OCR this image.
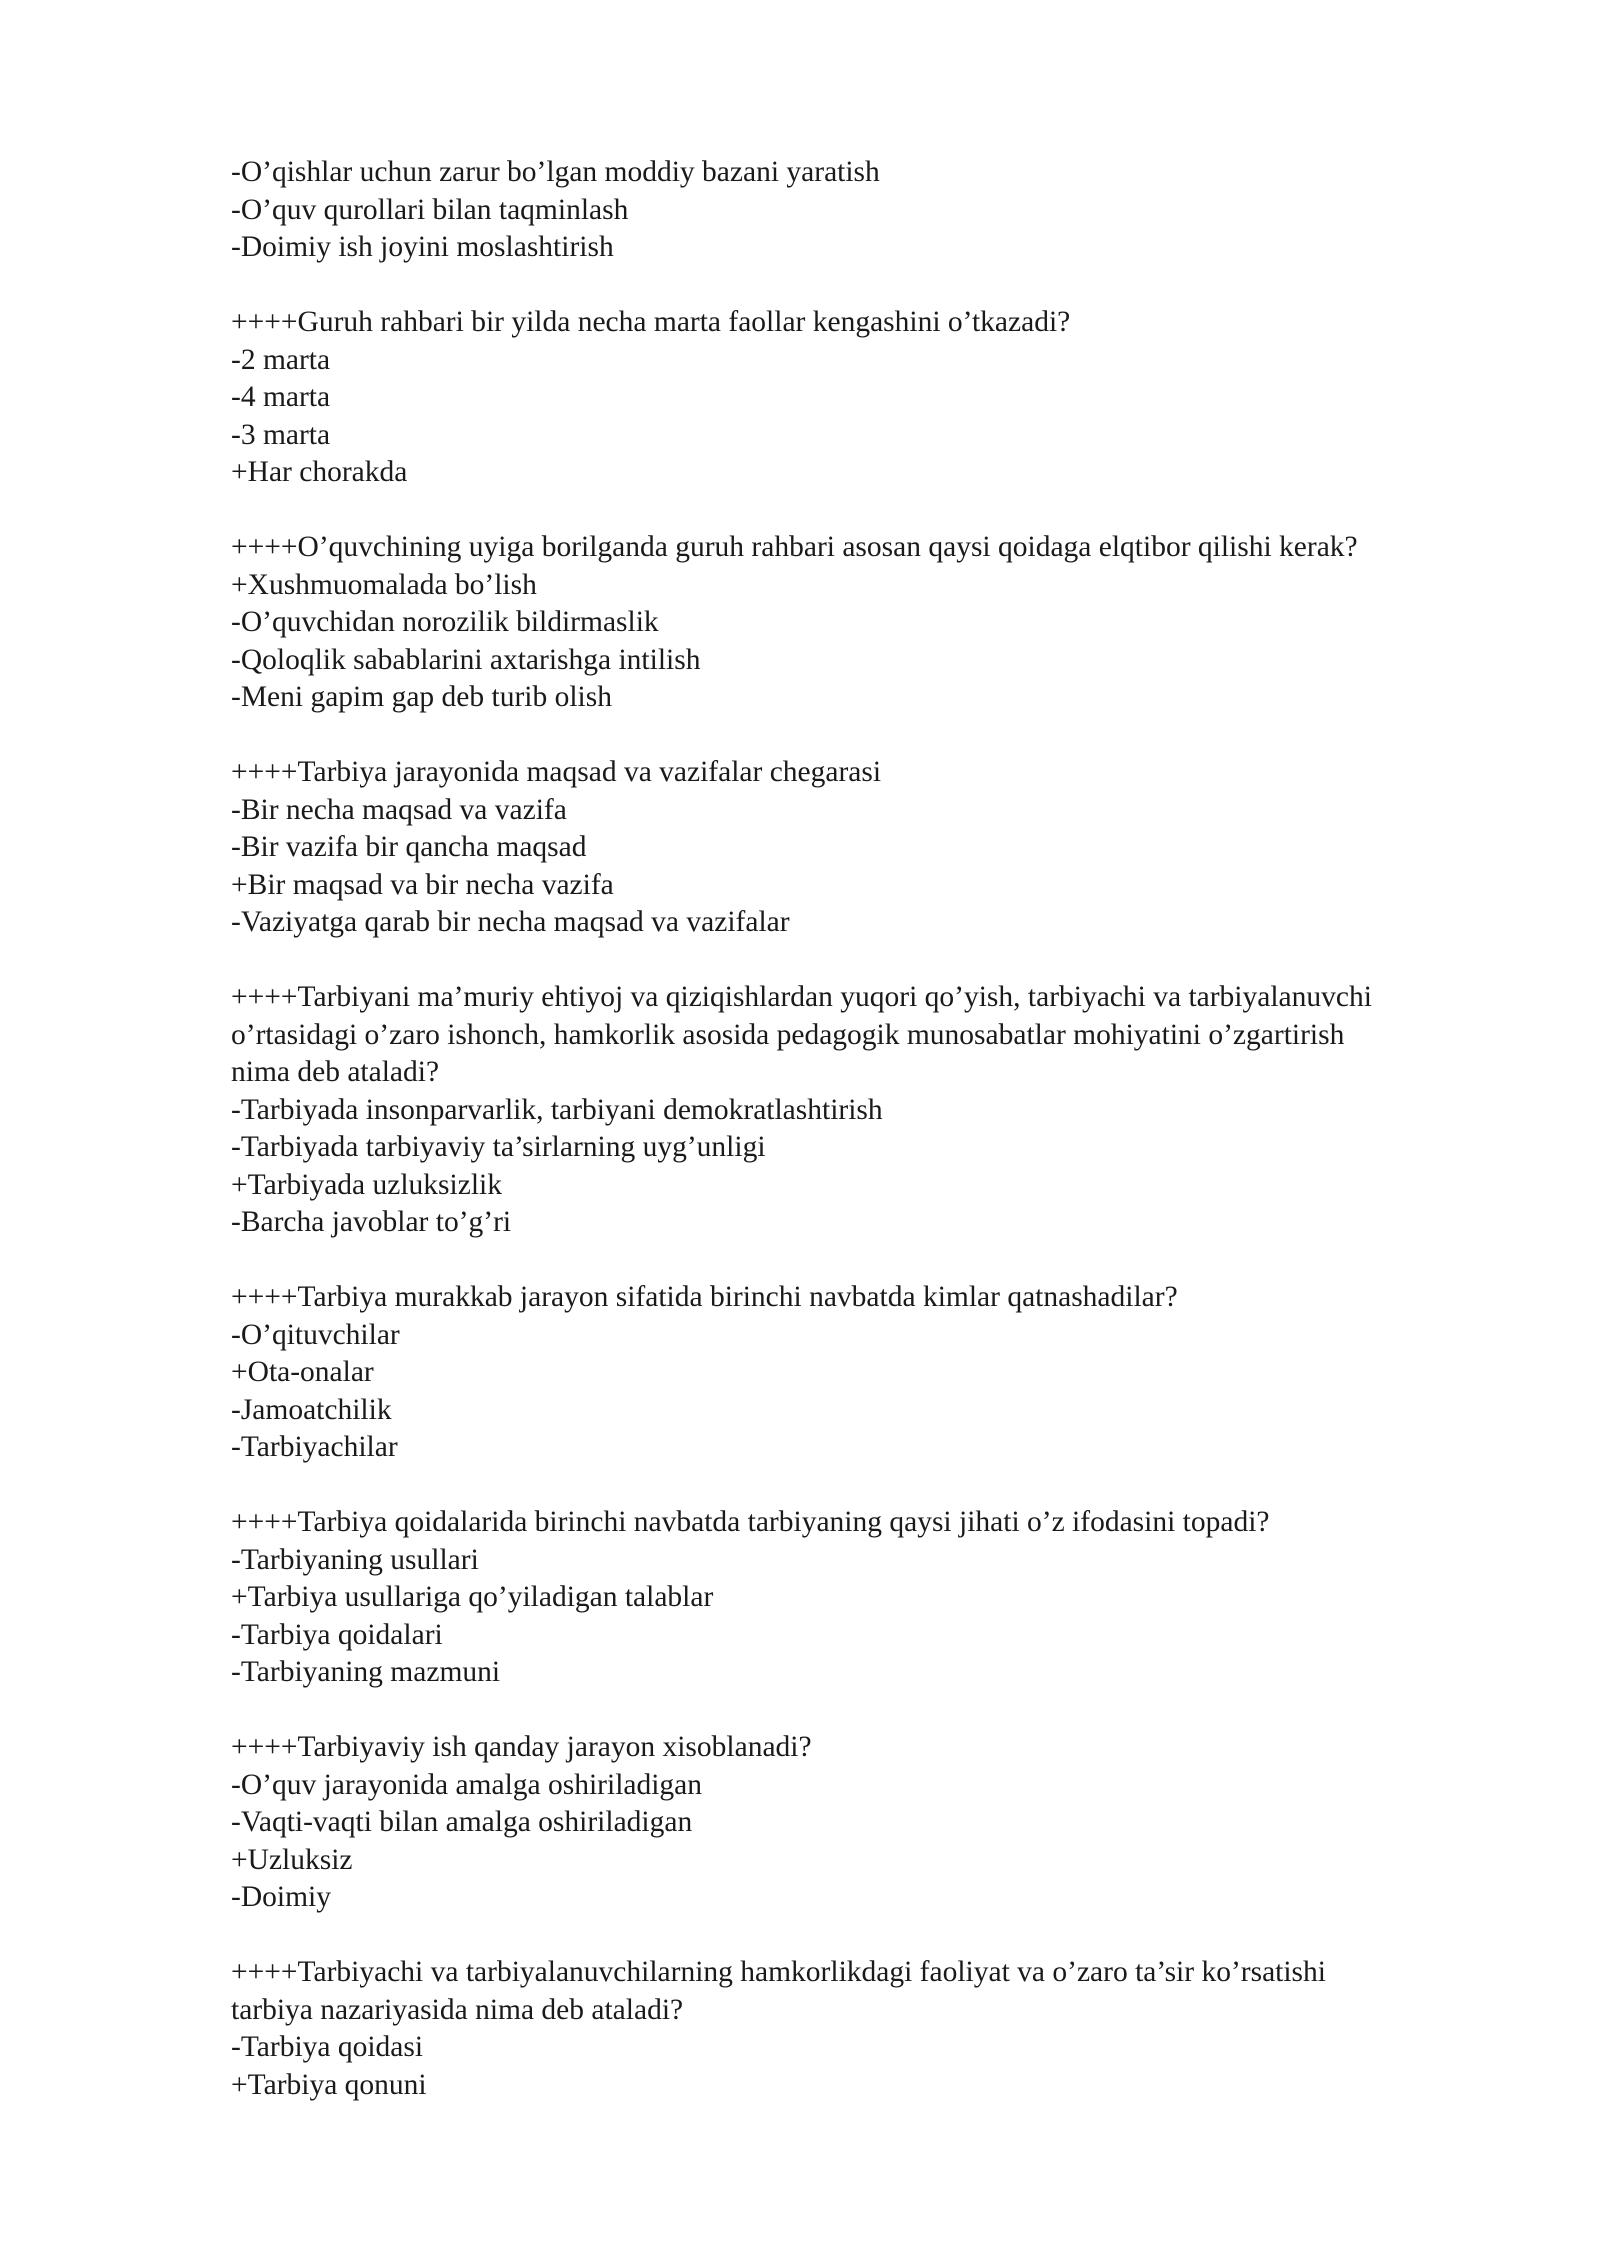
-O’qishlar uchun zarur bo’lgan moddiy bazani yaratish
-O’quv qurollari bilan taqminlash
-Doimiy ish joyini moslashtirish
++++Guruh rahbari bir yilda necha marta faollar kengashini o’tkazadi?
-2 marta
-4 marta
-3 marta
+Har chorakda
++++O’quvchining uyiga borilganda guruh rahbari asosan qaysi qoidaga elqtibor qilishi kerak?
+Xushmuomalada bo’lish
-O’quvchidan norozilik bildirmaslik
-Qoloqlik sabablarini axtarishga intilish
-Meni gapim gap deb turib olish
++++Tarbiya jarayonida maqsad va vazifalar chegarasi
-Bir necha maqsad va vazifa
-Bir vazifa bir qancha maqsad
+Bir maqsad va bir necha vazifa
-Vaziyatga qarab bir necha maqsad va vazifalar
++++Tarbiyani ma’muriy ehtiyoj va qiziqishlardan yuqori qo’yish, tarbiyachi va tarbiyalanuvchi
o’rtasidagi o’zaro ishonch, hamkorlik asosida pedagogik munosabatlar mohiyatini o’zgartirish
nima deb ataladi?
-Tarbiyada insonparvarlik, tarbiyani demokratlashtirish
-Tarbiyada tarbiyaviy ta’sirlarning uyg’unligi
+Tarbiyada uzluksizlik
-Barcha javoblar to’g’ri
++++Tarbiya murakkab jarayon sifatida birinchi navbatda kimlar qatnashadilar?
-O’qituvchilar
+Ota-onalar
-Jamoatchilik
-Tarbiyachilar
++++Tarbiya qoidalarida birinchi navbatda tarbiyaning qaysi jihati o’z ifodasini topadi?
-Tarbiyaning usullari
+Tarbiya usullariga qo’yiladigan talablar
-Tarbiya qoidalari
-Tarbiyaning mazmuni
++++Tarbiyaviy ish qanday jarayon xisoblanadi?
-O’quv jarayonida amalga oshiriladigan
-Vaqti-vaqti bilan amalga oshiriladigan
+Uzluksiz
-Doimiy
++++Tarbiyachi va tarbiyalanuvchilarning hamkorlikdagi faoliyat va o’zaro ta’sir ko’rsatishi
tarbiya nazariyasida nima deb ataladi?
-Tarbiya qoidasi
+Tarbiya qonuni
